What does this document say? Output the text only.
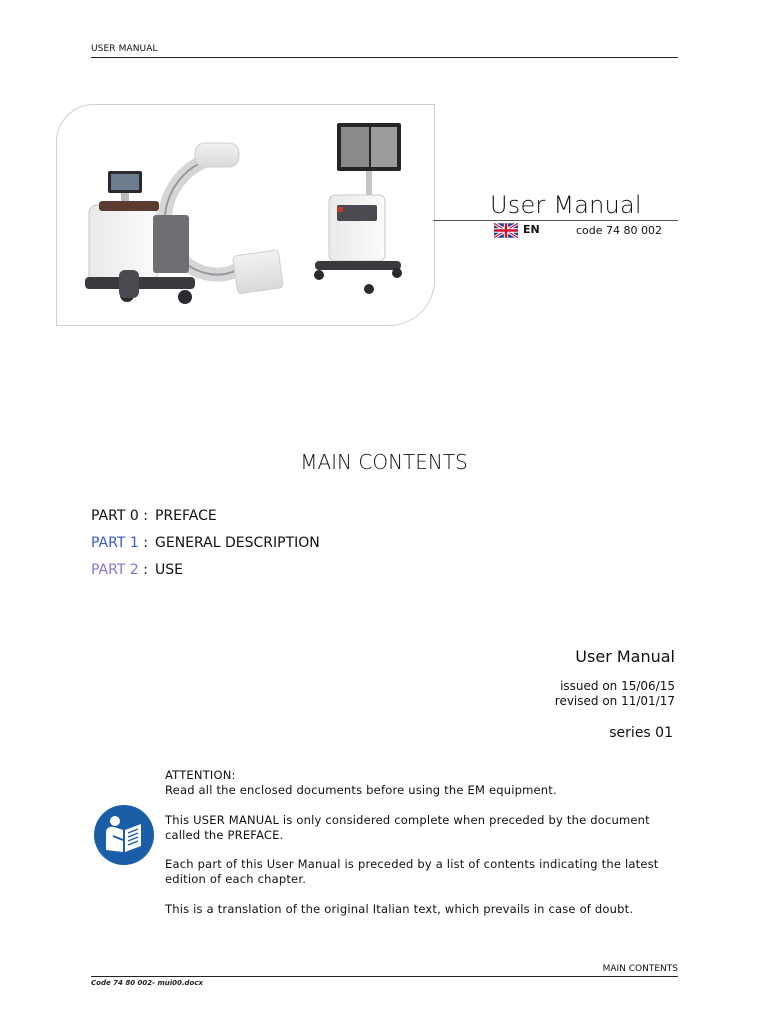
USER MANUAL
User Manual
EN	code 74 80 002
MAIN CONTENTS
PART 0 : PREFACE
PART 1 : GENERAL DESCRIPTION
PART 2 : USE
User Manual
issued on 15/06/15
revised on 11/01/17
series 01
ATTENTION:
Read all the enclosed documents before using the EM equipment.
This USER MANUAL is only considered complete when preceded by the document called the PREFACE.
Each part of this User Manual is preceded by a list of contents indicating the latest edition of each chapter.
This is a translation of the original Italian text, which prevails in case of doubt.
MAIN CONTENTS
Code 74 80 002- mui00.docx
